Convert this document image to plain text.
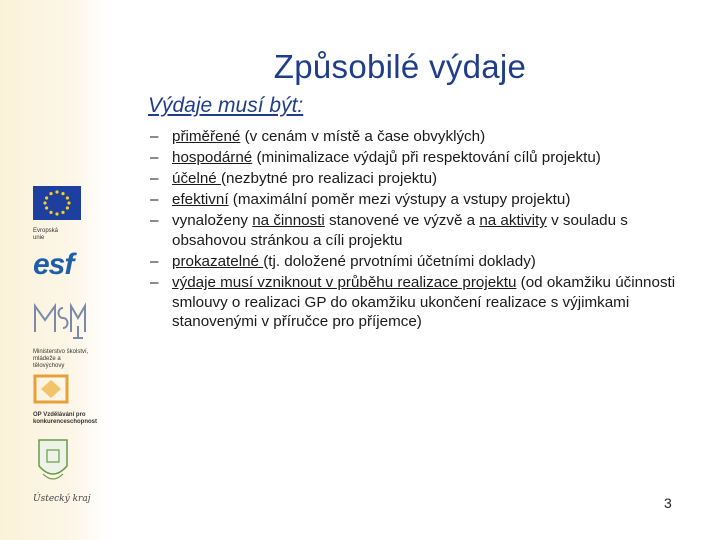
Evropská unie
esf
Ministerstvo školství, mládeže a tělovýchovy
OP Vzdělávání pro konkurenceschopnost
Ústecký kraj
Způsobilé výdaje
Výdaje musí být:
– přiměřené (v cenám v místě a čase obvyklých)
– hospodárné (minimalizace výdajů při respektování cílů projektu)
– účelné (nezbytné pro realizaci projektu)
– efektivní (maximální poměr mezi výstupy a vstupy projektu)
– vynaloženy na činnosti stanovené ve výzvě a na aktivity v souladu s obsahovou stránkou a cíli projektu
– prokazatelné (tj. doložené prvotními účetními doklady)
– výdaje musí vzniknout v průběhu realizace projektu (od okamžiku účinnosti smlouvy o realizaci GP do okamžiku ukončení realizace s výjimkami stanovenými v příručce pro příjemce)
3
